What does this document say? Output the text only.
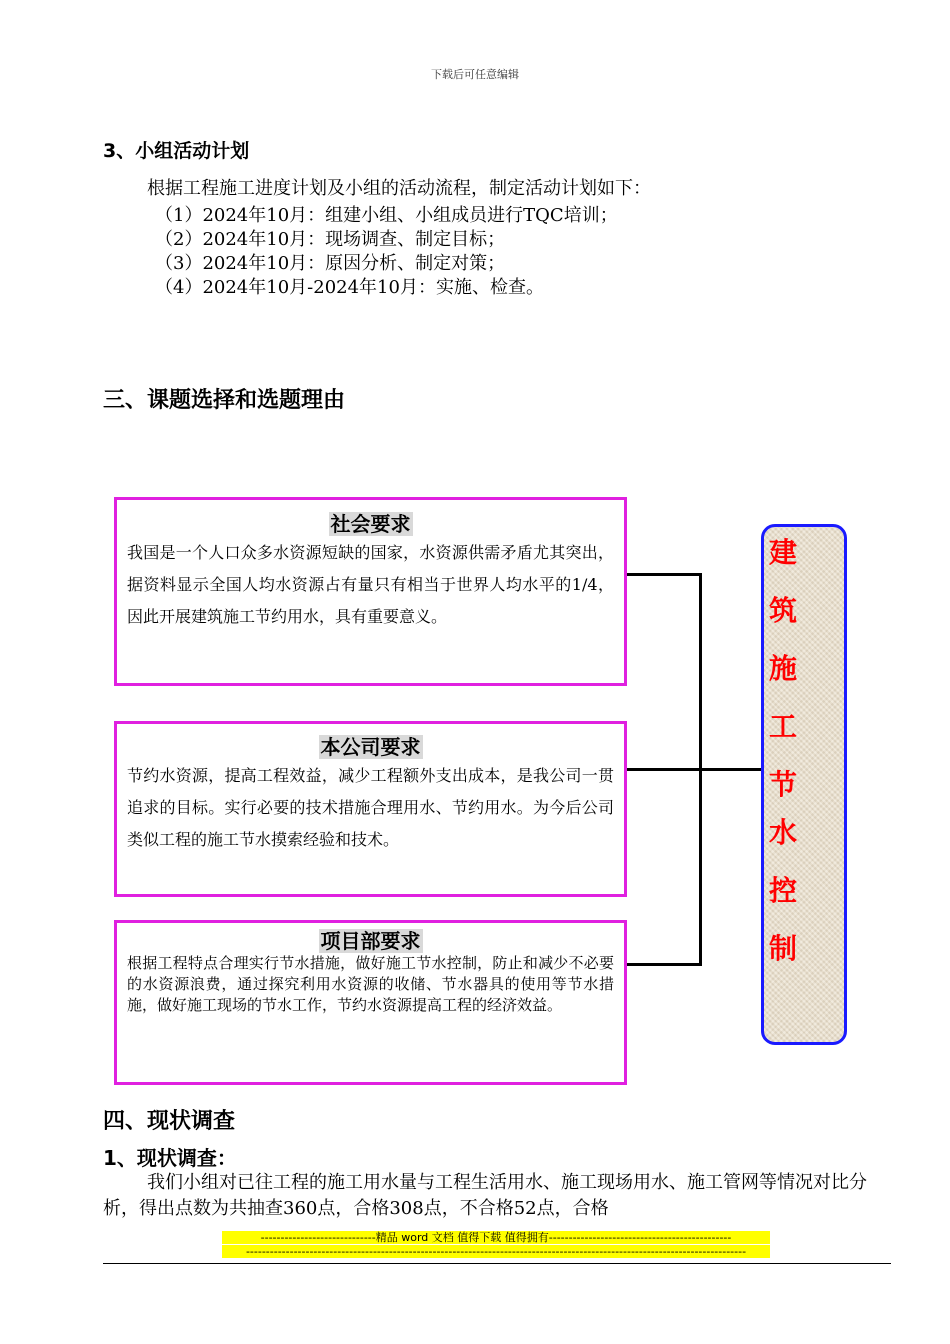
下载后可任意编辑
3、小组活动计划
根据工程施工进度计划及小组的活动流程，制定活动计划如下：
（1）2024年10月：组建小组、小组成员进行TQC培训；
（2）2024年10月：现场调查、制定目标；
（3）2024年10月：原因分析、制定对策；
（4）2024年10月-2024年10月：实施、检查。
三、课题选择和选题理由
社会要求
我国是一个人口众多水资源短缺的国家，水资源供需矛盾尤其突出，据资料显示全国人均水资源占有量只有相当于世界人均水平的1/4，因此开展建筑施工节约用水，具有重要意义。
本公司要求
节约水资源，提高工程效益，减少工程额外支出成本，是我公司一贯追求的目标。实行必要的技术措施合理用水、节约用水。为今后公司类似工程的施工节水摸索经验和技术。
项目部要求
根据工程特点合理实行节水措施，做好施工节水控制，防止和减少不必要的水资源浪费，通过探究利用水资源的收储、节水器具的使用等节水措施，做好施工现场的节水工作，节约水资源提高工程的经济效益。
建
筑
施
工
节
水
控
制
四、现状调查
1、现状调查：
我们小组对已往工程的施工用水量与工程生活用水、施工现场用水、施工管网等情况对比分析，得出点数为共抽查360点，合格308点，不合格52点，合格
-----------------------------精品 word 文档 值得下载 值得拥有----------------------------------------------
------------------------------------------------------------------------------------------------------------------------------
